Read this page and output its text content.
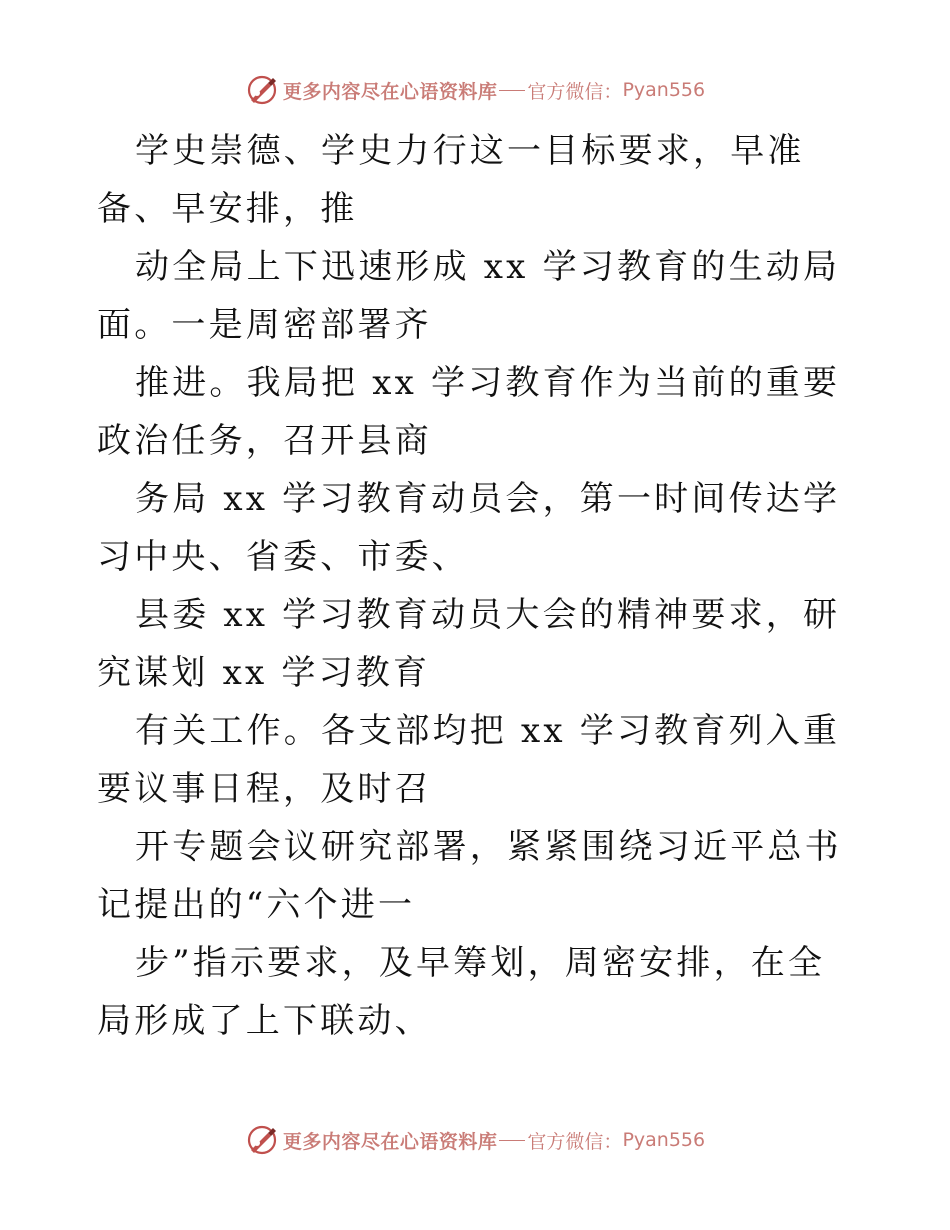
更多内容尽在心语资料库 官方微信： Pyan556

学史崇德、学史力行这一目标要求，早准备、早安排，推

动全局上下迅速形成 xx 学习教育的生动局面。一是周密部署齐

推进。我局把 xx 学习教育作为当前的重要政治任务，召开县商

务局 xx 学习教育动员会，第一时间传达学习中央、省委、市委、

县委 xx 学习教育动员大会的精神要求，研究谋划 xx 学习教育

有关工作。各支部均把 xx 学习教育列入重要议事日程，及时召

开专题会议研究部署，紧紧围绕习近平总书记提出的“六个进一

步”指示要求，及早筹划，周密安排，在全局形成了上下联动、

更多内容尽在心语资料库 官方微信： Pyan556
